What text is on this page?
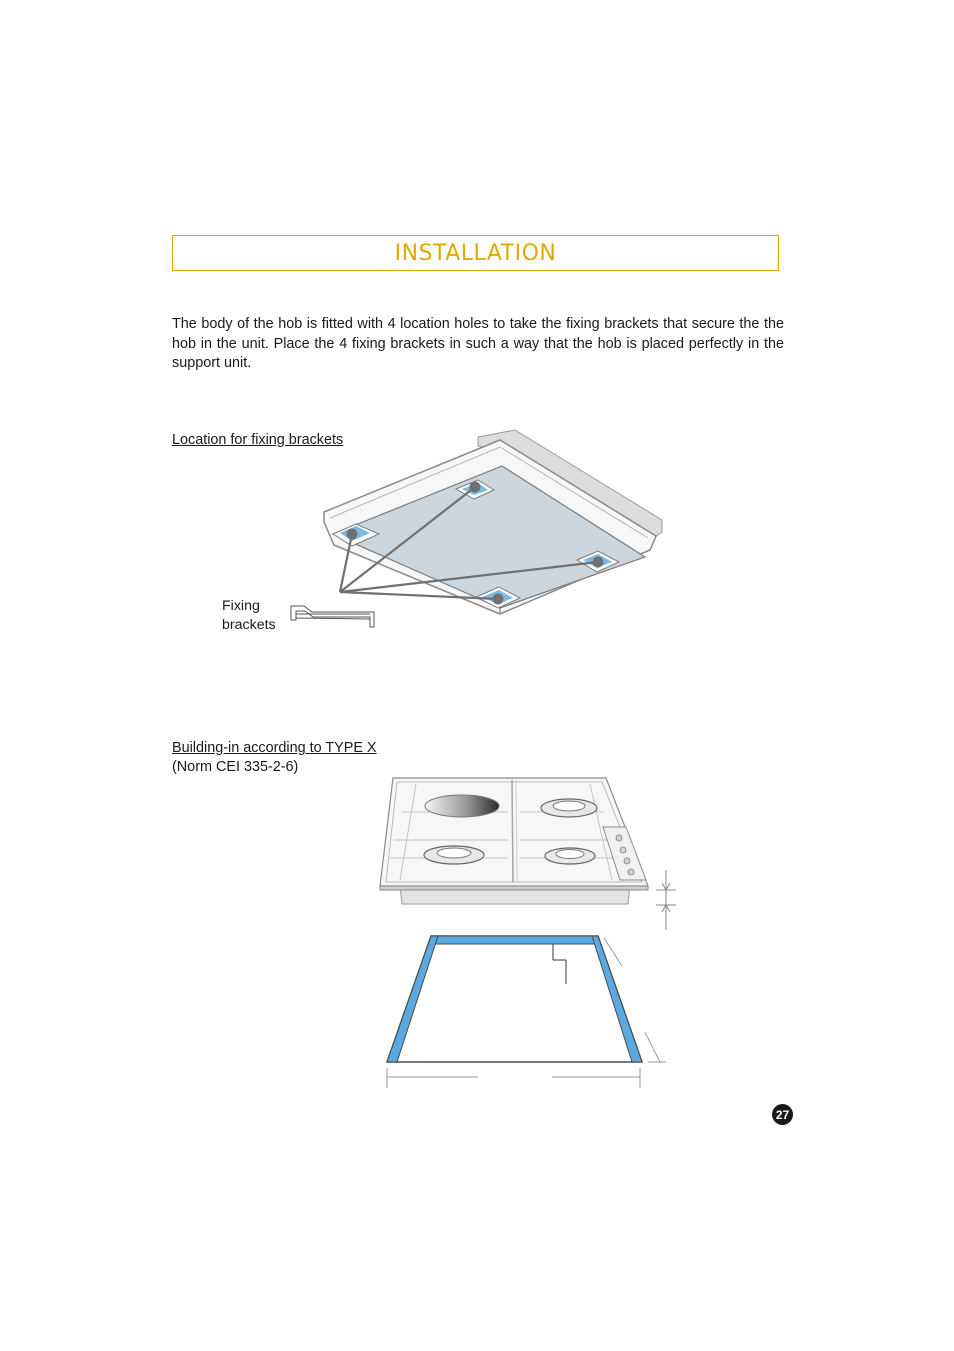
INSTALLATION
The body of the hob is fitted with 4 location holes to take the fixing brackets that secure the the hob in the unit. Place the 4 fixing brackets in such a way that the hob is placed perfectly in the support unit.
Location for fixing brackets
Fixing
brackets
Building-in according to TYPE X
(Norm CEI 335-2-6)
27
